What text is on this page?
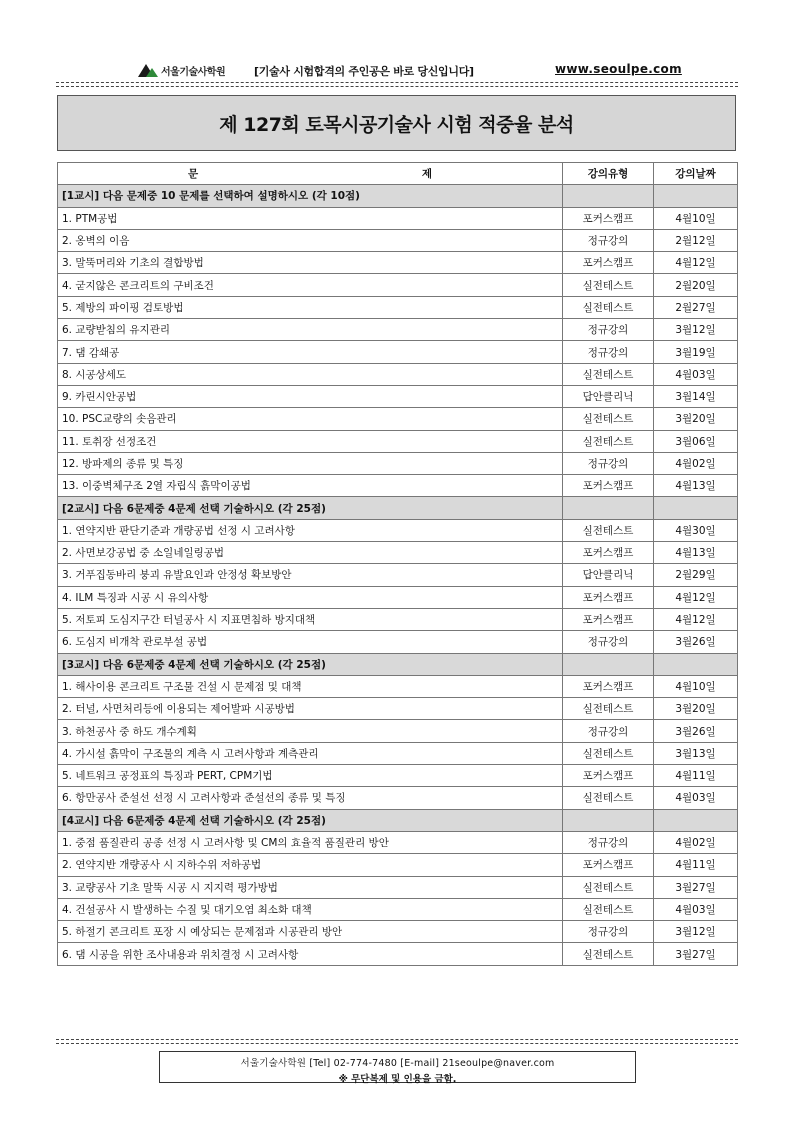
서울기술사학원	[기술사 시험합격의 주인공은 바로 당신입니다]	www.seoulpe.com
제 127회 토목시공기술사 시험 적중율 분석
문 제	강의유형	강의날짜
[1교시] 다음 문제중 10 문제를 선택하여 설명하시오 (각 10점)		
1. PTM공법	포커스캠프	4월10일
2. 옹벽의 이음	정규강의	2월12일
3. 말뚝머리와 기초의 결합방법	포커스캠프	4월12일
4. 굳지않은 콘크리트의 구비조건	실전테스트	2월20일
5. 제방의 파이핑 검토방법	실전테스트	2월27일
6. 교량받침의 유지관리	정규강의	3월12일
7. 댐 감쇄공	정규강의	3월19일
8. 시공상세도	실전테스트	4월03일
9. 카린시안공법	답안클리닉	3월14일
10. PSC교량의 솟음관리	실전테스트	3월20일
11. 토취장 선정조건	실전테스트	3월06일
12. 방파제의 종류 및 특징	정규강의	4월02일
13. 이중벽체구조 2열 자립식 흙막이공법	포커스캠프	4월13일
[2교시] 다음 6문제중 4문제 선택 기술하시오 (각 25점)		
1. 연약지반 판단기준과 개량공법 선정 시 고려사항	실전테스트	4월30일
2. 사면보강공법 중 소일네일링공법	포커스캠프	4월13일
3. 거푸집동바리 붕괴 유발요인과 안정성 확보방안	답안클리닉	2월29일
4. ILM 특징과 시공 시 유의사항	포커스캠프	4월12일
5. 저토피 도심지구간 터널공사 시 지표면침하 방지대책	포커스캠프	4월12일
6. 도심지 비개착 관로부설 공법	정규강의	3월26일
[3교시] 다음 6문제중 4문제 선택 기술하시오 (각 25점)		
1. 해사이용 콘크리트 구조물 건설 시 문제점 및 대책	포커스캠프	4월10일
2. 터널, 사면처리등에 이용되는 제어발파 시공방법	실전테스트	3월20일
3. 하천공사 중 하도 개수계획	정규강의	3월26일
4. 가시설 흙막이 구조물의 계측 시 고려사항과 계측관리	실전테스트	3월13일
5. 네트워크 공정표의 특징과 PERT, CPM기법	포커스캠프	4월11일
6. 항만공사 준설선 선정 시 고려사항과 준설선의 종류 및 특징	실전테스트	4월03일
[4교시] 다음 6문제중 4문제 선택 기술하시오 (각 25점)		
1. 중점 품질관리 공종 선정 시 고려사항 및 CM의 효율적 품질관리 방안	정규강의	4월02일
2. 연약지반 개량공사 시 지하수위 저하공법	포커스캠프	4월11일
3. 교량공사 기초 말뚝 시공 시 지지력 평가방법	실전테스트	3월27일
4. 건설공사 시 발생하는 수질 및 대기오염 최소화 대책	실전테스트	4월03일
5. 하절기 콘크리트 포장 시 예상되는 문제점과 시공관리 방안	정규강의	3월12일
6. 댐 시공을 위한 조사내용과 위치결정 시 고려사항	실전테스트	3월27일
서울기술사학원 [Tel] 02-774-7480 [E-mail] 21seoulpe@naver.com
※ 무단복제 및 인용을 금함.
